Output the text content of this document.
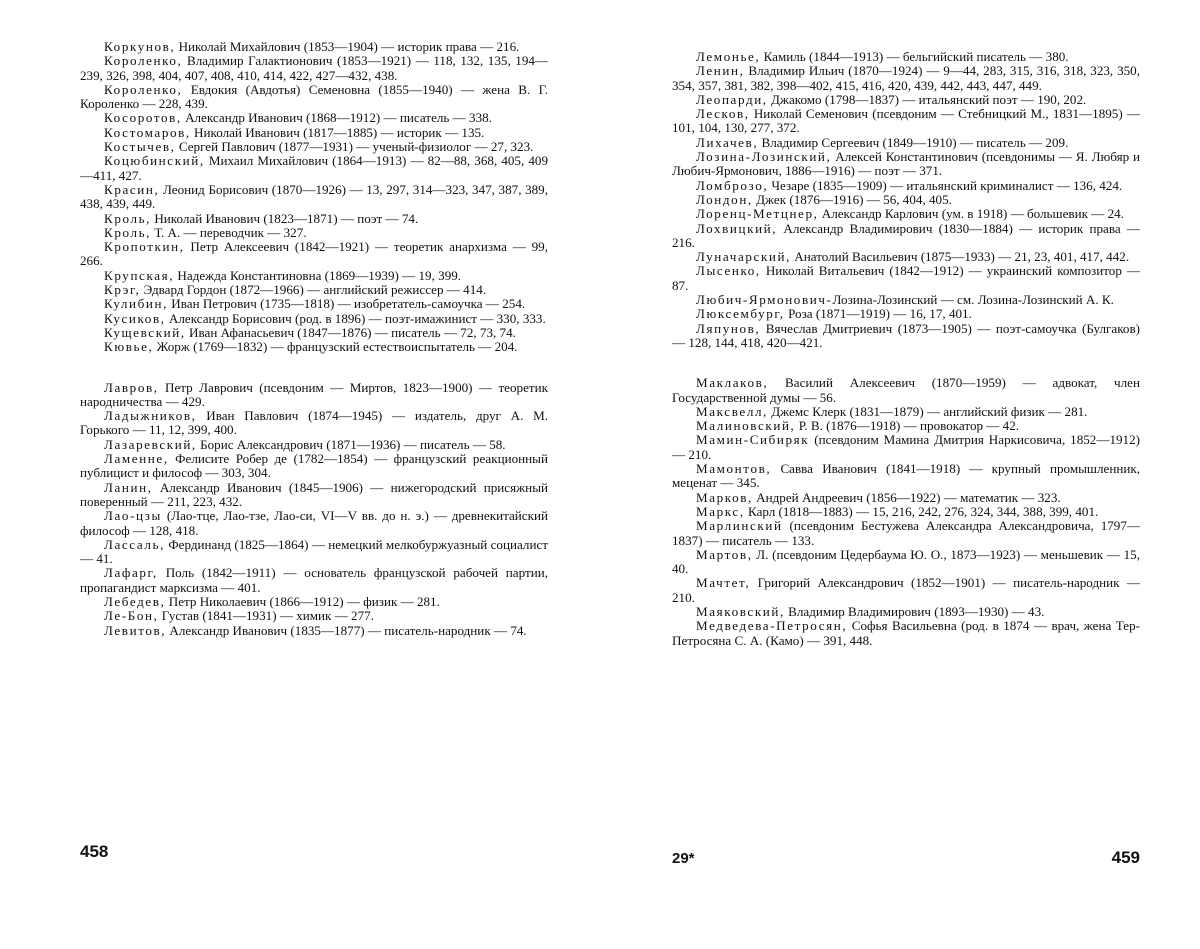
Коркунов, Николай Михайлович (1853—1904) — историк права — 216.

Короленко, Владимир Галактионович (1853—1921) — 118, 132, 135, 194—239, 326, 398, 404, 407, 408, 410, 414, 422, 427—432, 438.

Короленко, Евдокия (Авдотья) Семеновна (1855—1940) — жена В. Г. Короленко — 228, 439.

Косоротов, Александр Иванович (1868—1912) — писатель — 338.

Костомаров, Николай Иванович (1817—1885) — историк — 135.

Костычев, Сергей Павлович (1877—1931) — ученый-физиолог — 27, 323.

Коцюбинский, Михаил Михайлович (1864—1913) — 82—88, 368, 405, 409—411, 427.

Красин, Леонид Борисович (1870—1926) — 13, 297, 314—323, 347, 387, 389, 438, 439, 449.

Кроль, Николай Иванович (1823—1871) — поэт — 74.

Кроль, Т. А. — переводчик — 327.

Кропоткин, Петр Алексеевич (1842—1921) — теоретик анархизма — 99, 266.

Крупская, Надежда Константиновна (1869—1939) — 19, 399.

Крэг, Эдвард Гордон (1872—1966) — английский режиссер — 414.

Кулибин, Иван Петрович (1735—1818) — изобретатель-самоучка — 254.

Кусиков, Александр Борисович (род. в 1896) — поэт-имажинист — 330, 333.

Кущевский, Иван Афанасьевич (1847—1876) — писатель — 72, 73, 74.

Кювье, Жорж (1769—1832) — французский естествоиспытатель — 204.

Лавров, Петр Лаврович (псевдоним — Миртов, 1823—1900) — теоретик народничества — 429.

Ладыжников, Иван Павлович (1874—1945) — издатель, друг А. М. Горького — 11, 12, 399, 400.

Лазаревский, Борис Александрович (1871—1936) — писатель — 58.

Ламенне, Фелисите Робер де (1782—1854) — французский реакционный публицист и философ — 303, 304.

Ланин, Александр Иванович (1845—1906) — нижегородский присяжный поверенный — 211, 223, 432.

Лао-цзы (Лао-тце, Лао-тзе, Лао-си, VI—V вв. до н. э.) — древнекитайский философ — 128, 418.

Лассаль, Фердинанд (1825—1864) — немецкий мелкобуржуазный социалист — 41.

Лафарг, Поль (1842—1911) — основатель французской рабочей партии, пропагандист марксизма — 401.

Лебедев, Петр Николаевич (1866—1912) — физик — 281.

Ле-Бон, Густав (1841—1931) — химик — 277.

Левитов, Александр Иванович (1835—1877) — писатель-народник — 74.

458

Лемонье, Камиль (1844—1913) — бельгийский писатель — 380.

Ленин, Владимир Ильич (1870—1924) — 9—44, 283, 315, 316, 318, 323, 350, 354, 357, 381, 382, 398—402, 415, 416, 420, 439, 442, 443, 447, 449.

Леопарди, Джакомо (1798—1837) — итальянский поэт — 190, 202.

Лесков, Николай Семенович (псевдоним — Стебницкий М., 1831—1895) — 101, 104, 130, 277, 372.

Лихачев, Владимир Сергеевич (1849—1910) — писатель — 209.

Лозина-Лозинский, Алексей Константинович (псевдонимы — Я. Любяр и Любич-Ярмонович, 1886—1916) — поэт — 371.

Ломброзо, Чезаре (1835—1909) — итальянский криминалист — 136, 424.

Лондон, Джек (1876—1916) — 56, 404, 405.

Лоренц-Метцнер, Александр Карлович (ум. в 1918) — большевик — 24.

Лохвицкий, Александр Владимирович (1830—1884) — историк права — 216.

Луначарский, Анатолий Васильевич (1875—1933) — 21, 23, 401, 417, 442.

Лысенко, Николай Витальевич (1842—1912) — украинский композитор — 87.

Любич-Ярмонович-Лозина-Лозинский — см. Лозина-Лозинский А. К.

Люксембург, Роза (1871—1919) — 16, 17, 401.

Ляпунов, Вячеслав Дмитриевич (1873—1905) — поэт-самоучка (Булгаков) — 128, 144, 418, 420—421.

Маклаков, Василий Алексеевич (1870—1959) — адвокат, член Государственной думы — 56.

Максвелл, Джемс Клерк (1831—1879) — английский физик — 281.

Малиновский, Р. В. (1876—1918) — провокатор — 42.

Мамин-Сибиряк (псевдоним Мамина Дмитрия Наркисовича, 1852—1912) — 210.

Мамонтов, Савва Иванович (1841—1918) — крупный промышленник, меценат — 345.

Марков, Андрей Андреевич (1856—1922) — математик — 323.

Маркс, Карл (1818—1883) — 15, 216, 242, 276, 324, 344, 388, 399, 401.

Марлинский (псевдоним Бестужева Александра Александровича, 1797—1837) — писатель — 133.

Мартов, Л. (псевдоним Цедербаума Ю. О., 1873—1923) — меньшевик — 15, 40.

Мачтет, Григорий Александрович (1852—1901) — писатель-народник — 210.

Маяковский, Владимир Владимирович (1893—1930) — 43.

Медведева-Петросян, Софья Васильевна (род. в 1874 — врач, жена Тер-Петросяна С. А. (Камо) — 391, 448.

29*	459
